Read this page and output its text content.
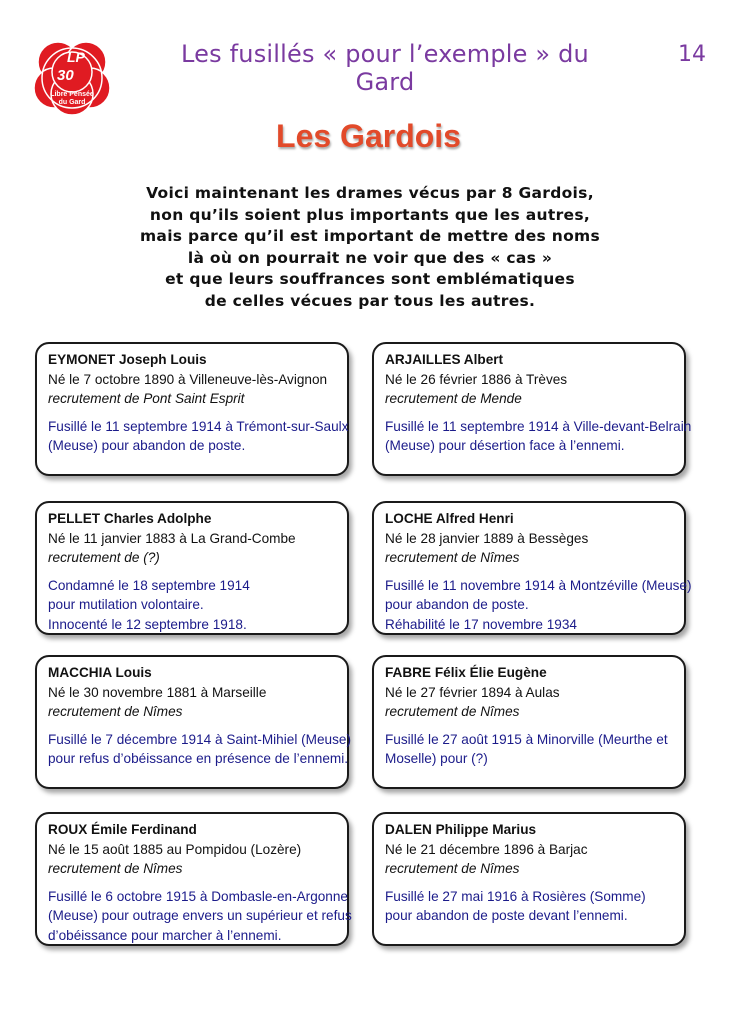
LP
30
Libre Pensée
du Gard
Les fusillés « pour l’exemple » du Gard
14
Les Gardois
Voici maintenant les drames vécus par 8 Gardois,
non qu’ils soient plus importants que les autres,
mais parce qu’il est important de mettre des noms
là où on pourrait ne voir que des « cas »
et que leurs souffrances sont emblématiques
de celles vécues par tous les autres.
EYMONET Joseph Louis
Né le 7 octobre 1890 à Villeneuve-lès-Avignon
recrutement de Pont Saint Esprit
Fusillé le 11 septembre 1914 à Trémont-sur-Saulx
(Meuse) pour abandon de poste.
ARJAILLES Albert
Né le 26 février 1886 à Trèves
recrutement de Mende
Fusillé le 11 septembre 1914 à Ville-devant-Belrain
(Meuse) pour désertion face à l’ennemi.
PELLET Charles Adolphe
Né le 11 janvier 1883 à La Grand-Combe
recrutement de (?)
Condamné le 18 septembre 1914
pour mutilation volontaire.
Innocenté le 12 septembre 1918.
LOCHE Alfred Henri
Né le 28 janvier 1889 à Bessèges
recrutement de Nîmes
Fusillé le 11 novembre 1914 à Montzéville (Meuse)
pour abandon de poste.
Réhabilité le 17 novembre 1934
MACCHIA Louis
Né le 30 novembre 1881 à Marseille
recrutement de Nîmes
Fusillé le 7 décembre 1914 à Saint-Mihiel (Meuse)
pour refus d’obéissance en présence de l’ennemi.
FABRE Félix Élie Eugène
Né le 27 février 1894 à Aulas
recrutement de Nîmes
Fusillé le 27 août 1915 à Minorville (Meurthe et
Moselle) pour (?)
ROUX Émile Ferdinand
Né le 15 août 1885 au Pompidou (Lozère)
recrutement de Nîmes
Fusillé le 6 octobre 1915 à Dombasle-en-Argonne
(Meuse) pour outrage envers un supérieur et refus
d’obéissance pour marcher à l’ennemi.
DALEN Philippe Marius
Né le 21 décembre 1896 à Barjac
recrutement de Nîmes
Fusillé le 27 mai 1916 à Rosières (Somme)
pour abandon de poste devant l’ennemi.
